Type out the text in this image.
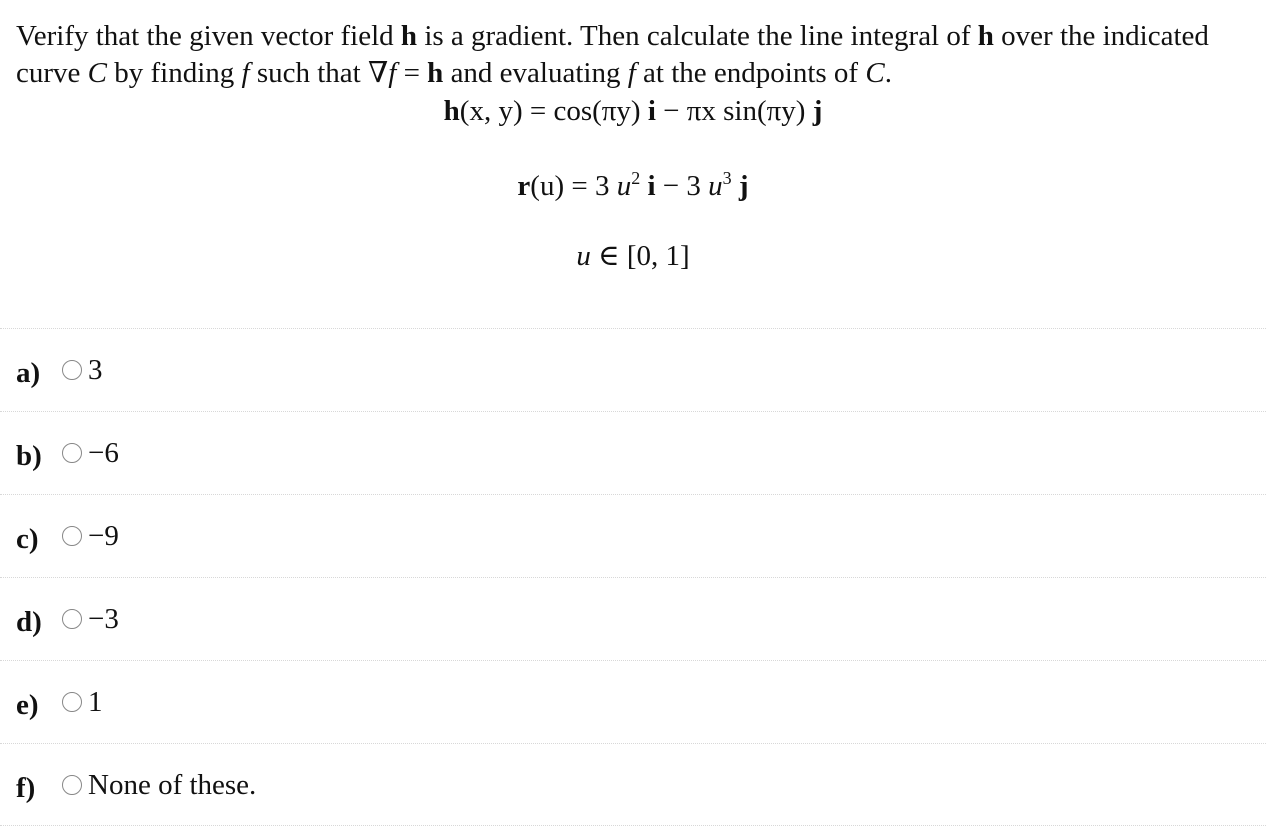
Verify that the given vector field h is a gradient. Then calculate the line integral of h over the indicated curve C by finding f such that ∇f = h and evaluating f at the endpoints of C.
h(x, y) = cos(πy) i − πx sin(πy) j
r(u) = 3 $u^2$ i − 3 $u^3$ j
u ∈ [0, 1]
a) 3
b) −6
c) −9
d) −3
e) 1
f) None of these.
